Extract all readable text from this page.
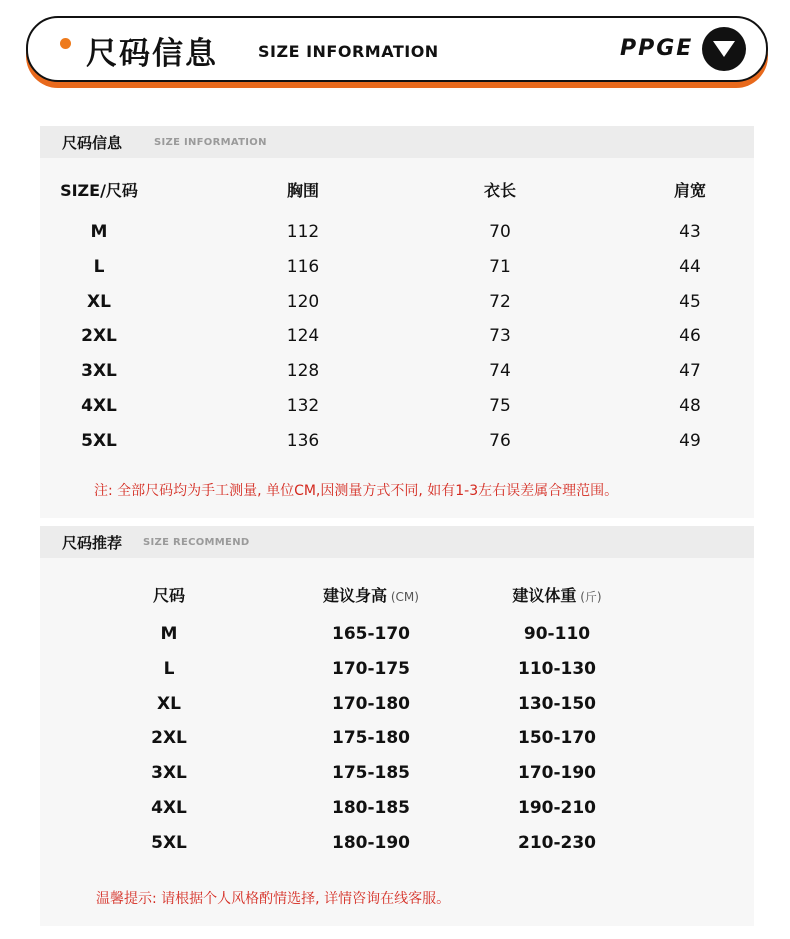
尺码信息	SIZE INFORMATION	PPGE
尺码信息	SIZE INFORMATION
SIZE/尺码	胸围	衣长	肩宽
M	112	70	43
L	116	71	44
XL	120	72	45
2XL	124	73	46
3XL	128	74	47
4XL	132	75	48
5XL	136	76	49
注: 全部尺码均为手工测量, 单位CM,因测量方式不同, 如有1-3左右误差属合理范围。
尺码推荐 SIZE RECOMMEND
尺码	建议身高 (CM)	建议体重 (斤)
M	165-170	90-110
L	170-175	110-130
XL	170-180	130-150
2XL	175-180	150-170
3XL	175-185	170-190
4XL	180-185	190-210
5XL	180-190	210-230
温馨提示: 请根据个人风格酌情选择, 详情咨询在线客服。
